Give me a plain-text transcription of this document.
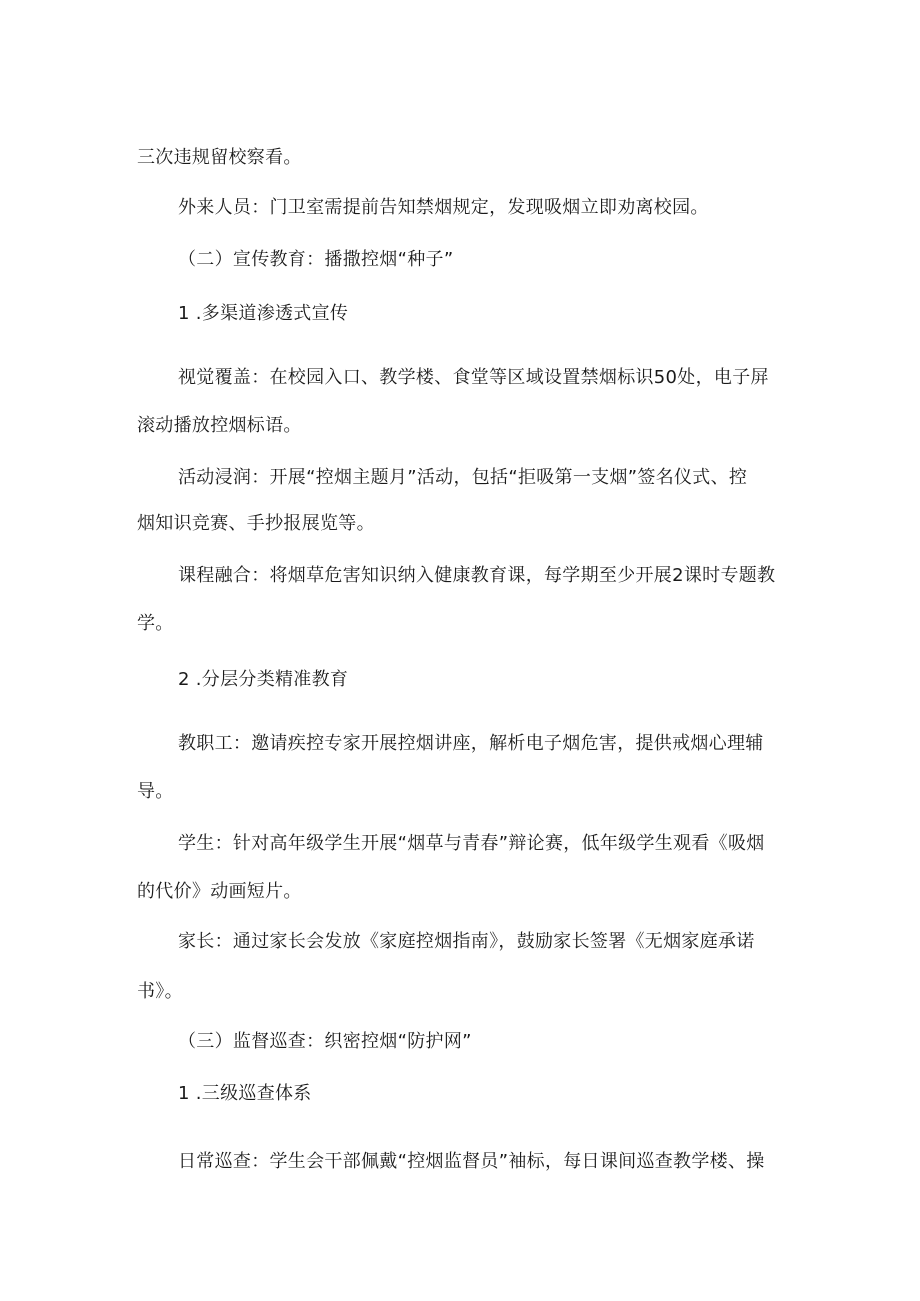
三次违规留校察看。

外来人员：门卫室需提前告知禁烟规定，发现吸烟立即劝离校园。

（二）宣传教育：播撒控烟“种子”

1 .多渠道渗透式宣传

视觉覆盖：在校园入口、教学楼、食堂等区域设置禁烟标识50处，电子屏

滚动播放控烟标语。

活动浸润：开展“控烟主题月”活动，包括“拒吸第一支烟”签名仪式、控

烟知识竞赛、手抄报展览等。

课程融合：将烟草危害知识纳入健康教育课，每学期至少开展2课时专题教

学。

2 .分层分类精准教育

教职工：邀请疾控专家开展控烟讲座，解析电子烟危害，提供戒烟心理辅

导。

学生：针对高年级学生开展“烟草与青春”辩论赛，低年级学生观看《吸烟

的代价》动画短片。

家长：通过家长会发放《家庭控烟指南》，鼓励家长签署《无烟家庭承诺

书》。

（三）监督巡查：织密控烟“防护网”

1 .三级巡查体系

日常巡查：学生会干部佩戴“控烟监督员”袖标，每日课间巡查教学楼、操
